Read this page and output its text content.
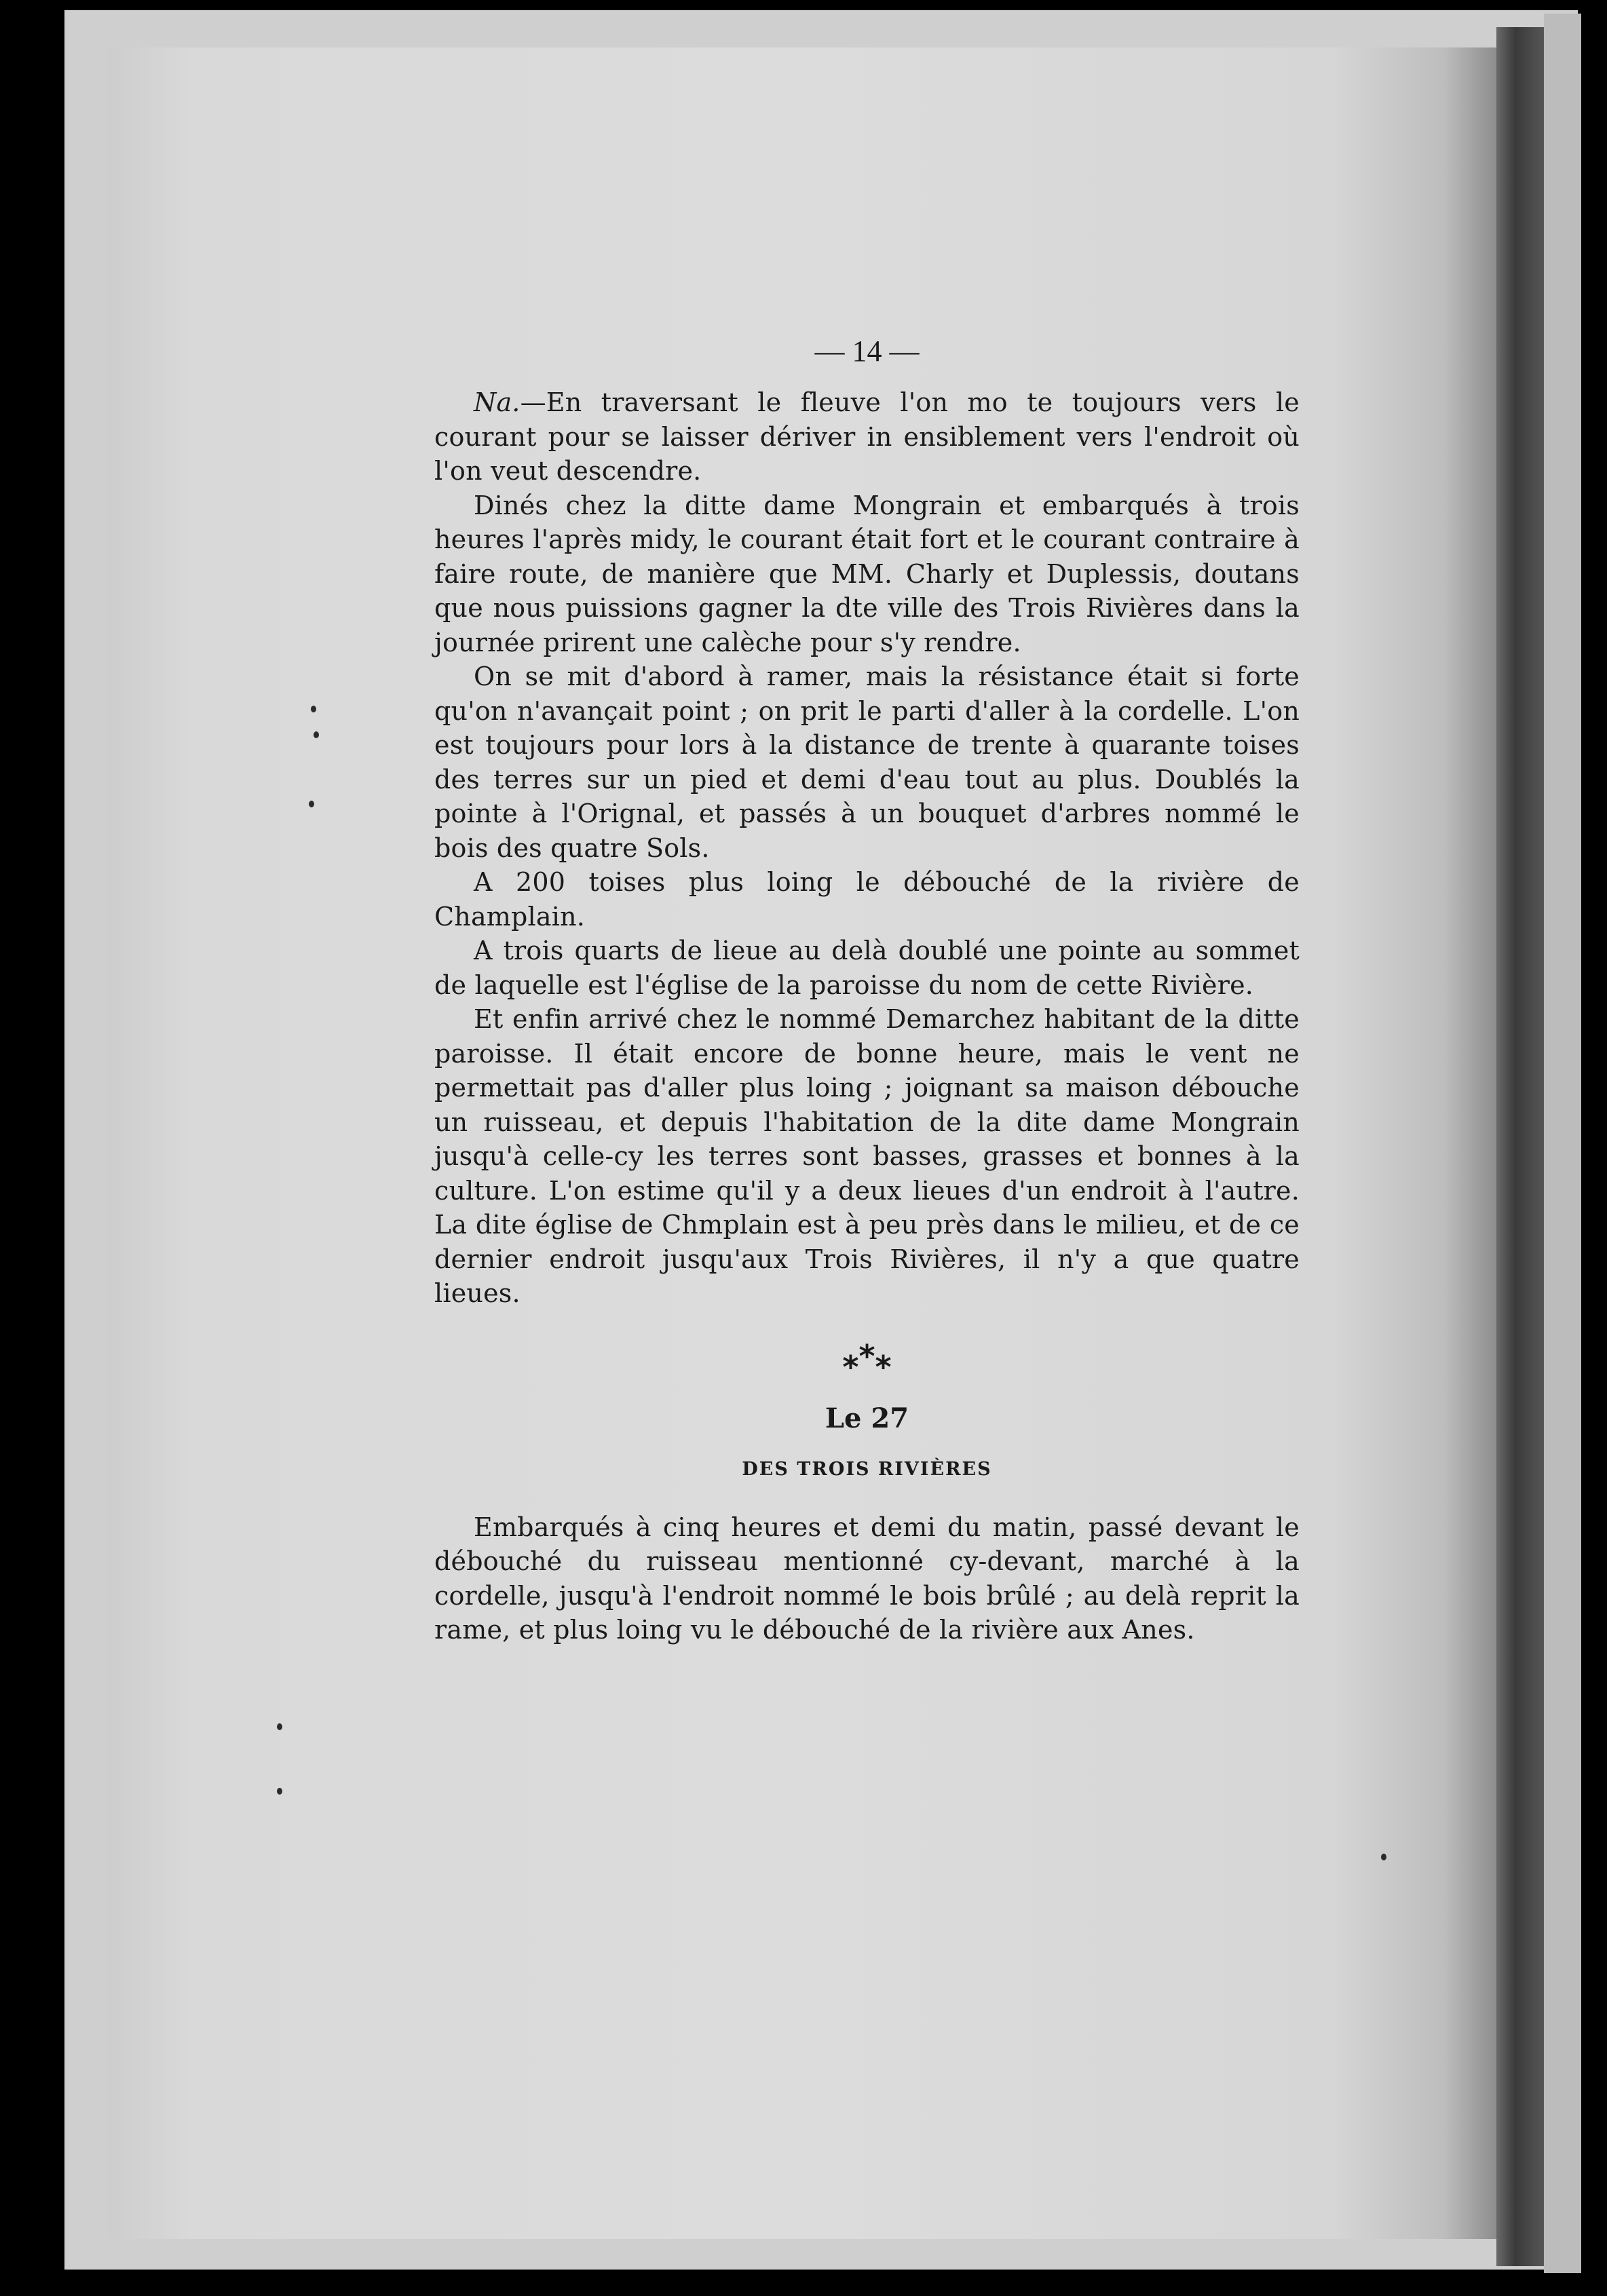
— 14 —

Na.—En traversant le fleuve l'on mo te toujours vers le courant pour se laisser dériver in ensiblement vers l'endroit où l'on veut descendre.

Dinés chez la ditte dame Mongrain et embarqués à trois heures l'après midy, le courant était fort et le courant contraire à faire route, de manière que MM. Charly et Duplessis, doutans que nous puissions gagner la dte ville des Trois Rivières dans la journée prirent une calèche pour s'y rendre.

On se mit d'abord à ramer, mais la résistance était si forte qu'on n'avançait point ; on prit le parti d'aller à la cordelle. L'on est toujours pour lors à la distance de trente à quarante toises des terres sur un pied et demi d'eau tout au plus. Doublés la pointe à l'Orignal, et passés à un bouquet d'arbres nommé le bois des quatre Sols.

A 200 toises plus loing le débouché de la rivière de Champlain.

A trois quarts de lieue au delà doublé une pointe au sommet de laquelle est l'église de la paroisse du nom de cette Rivière.

Et enfin arrivé chez le nommé Demarchez habitant de la ditte paroisse. Il était encore de bonne heure, mais le vent ne permettait pas d'aller plus loing ; joignant sa maison débouche un ruisseau, et depuis l'habitation de la dite dame Mongrain jusqu'à celle-cy les terres sont basses, grasses et bonnes à la culture. L'on estime qu'il y a deux lieues d'un endroit à l'autre. La dite église de Chmplain est à peu près dans le milieu, et de ce dernier endroit jusqu'aux Trois Rivières, il n'y a que quatre lieues.

***
Le 27
DES TROIS RIVIÈRES

Embarqués à cinq heures et demi du matin, passé devant le débouché du ruisseau mentionné cy-devant, marché à la cordelle, jusqu'à l'endroit nommé le bois brûlé ; au delà reprit la rame, et plus loing vu le débouché de la rivière aux Anes.
